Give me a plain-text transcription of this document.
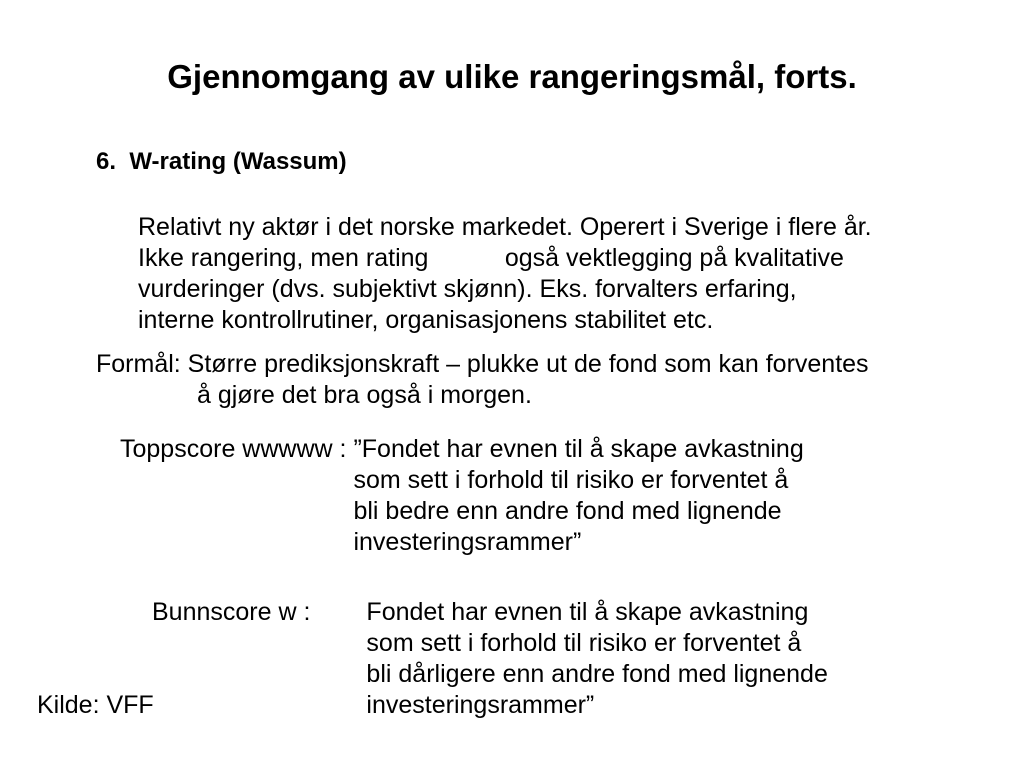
Gjennomgang av ulike rangeringsmål, forts.
6.  W-rating (Wassum)
Relativt ny aktør i det norske markedet. Operert i Sverige i flere år.
Ikke rangering, men rating           også vektlegging på kvalitative
vurderinger (dvs. subjektivt skjønn). Eks. forvalters erfaring,
interne kontrollrutiner, organisasjonens stabilitet etc.
Formål: Større prediksjonskraft – plukke ut de fond som kan forventes
å gjøre det bra også i morgen.
Toppscore wwwww : ”Fondet har evnen til å skape avkastning
som sett i forhold til risiko er forventet å
bli bedre enn andre fond med lignende
investeringsrammer”
Bunnscore w : Fondet har evnen til å skape avkastning
som sett i forhold til risiko er forventet å
bli dårligere enn andre fond med lignende
investeringsrammer”
Kilde: VFF
